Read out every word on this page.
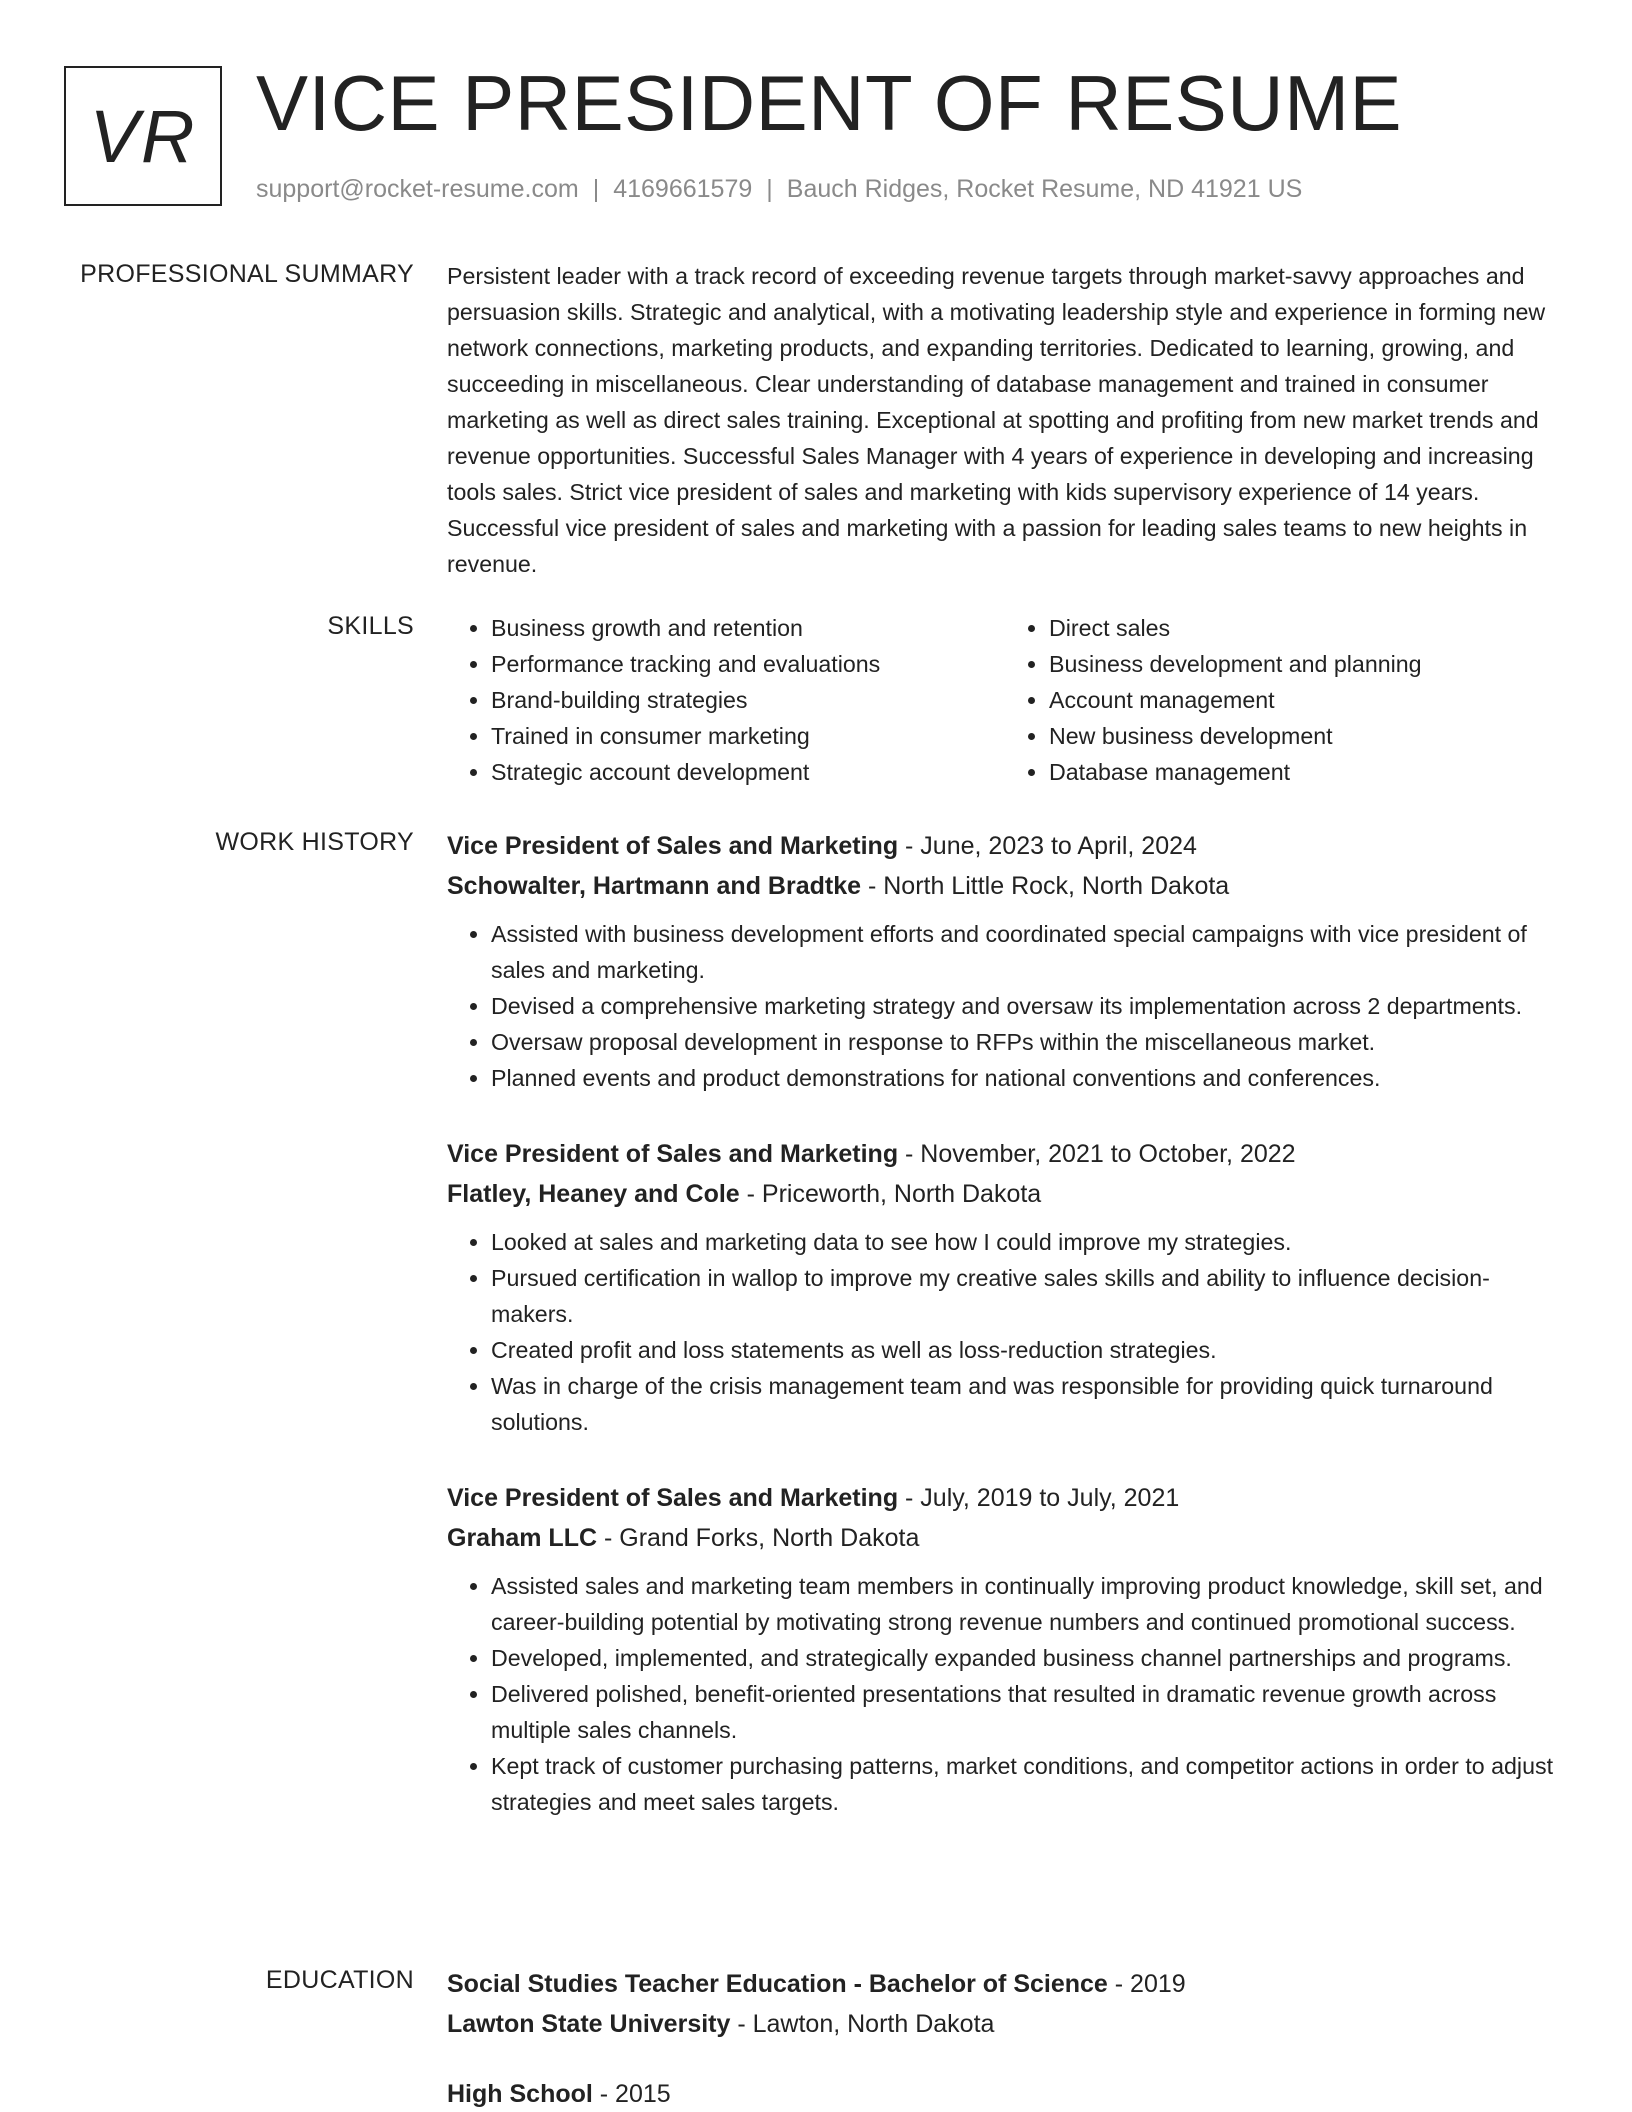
VR VICE PRESIDENT OF RESUME
support@rocket-resume.com | 4169661579 | Bauch Ridges, Rocket Resume, ND 41921 US
PROFESSIONAL SUMMARY Persistent leader with a track record of exceeding revenue targets through market-savvy approaches and persuasion skills. Strategic and analytical, with a motivating leadership style and experience in forming new network connections, marketing products, and expanding territories. Dedicated to learning, growing, and succeeding in miscellaneous. Clear understanding of database management and trained in consumer marketing as well as direct sales training. Exceptional at spotting and profiting from new market trends and revenue opportunities. Successful Sales Manager with 4 years of experience in developing and increasing tools sales. Strict vice president of sales and marketing with kids supervisory experience of 14 years. Successful vice president of sales and marketing with a passion for leading sales teams to new heights in revenue.

SKILLS
•	Business growth and retention
• Performance tracking and evaluations
• Brand-building strategies
• Trained in consumer marketing
• Strategic account development
• Direct sales
• Business development and planning
• Account management
• New business development
• Database management
WORK HISTORY Vice President of Sales and Marketing - June, 2023 to April, 2024
Schowalter, Hartmann and Bradtke - North Little Rock, North Dakota
• Assisted with business development efforts and coordinated special campaigns with vice president of sales and marketing.
• Devised a comprehensive marketing strategy and oversaw its implementation across 2 departments.
• Oversaw proposal development in response to RFPs within the miscellaneous market.
• Planned events and product demonstrations for national conventions and conferences.
Vice President of Sales and Marketing - November, 2021 to October, 2022
Flatley, Heaney and Cole - Priceworth, North Dakota
• Looked at sales and marketing data to see how I could improve my strategies.
• Pursued certification in wallop to improve my creative sales skills and ability to influence decision-makers.
• Created profit and loss statements as well as loss-reduction strategies.
• Was in charge of the crisis management team and was responsible for providing quick turnaround solutions.
Vice President of Sales and Marketing - July, 2019 to July, 2021
Graham LLC - Grand Forks, North Dakota
• Assisted sales and marketing team members in continually improving product knowledge, skill set, and career-building potential by motivating strong revenue numbers and continued promotional success.
• Developed, implemented, and strategically expanded business channel partnerships and programs.
• Delivered polished, benefit-oriented presentations that resulted in dramatic revenue growth across multiple sales channels.
• Kept track of customer purchasing patterns, market conditions, and competitor actions in order to adjust strategies and meet sales targets.
EDUCATION Social Studies Teacher Education - Bachelor of Science - 2019
Lawton State University - Lawton, North Dakota
High School - 2015
